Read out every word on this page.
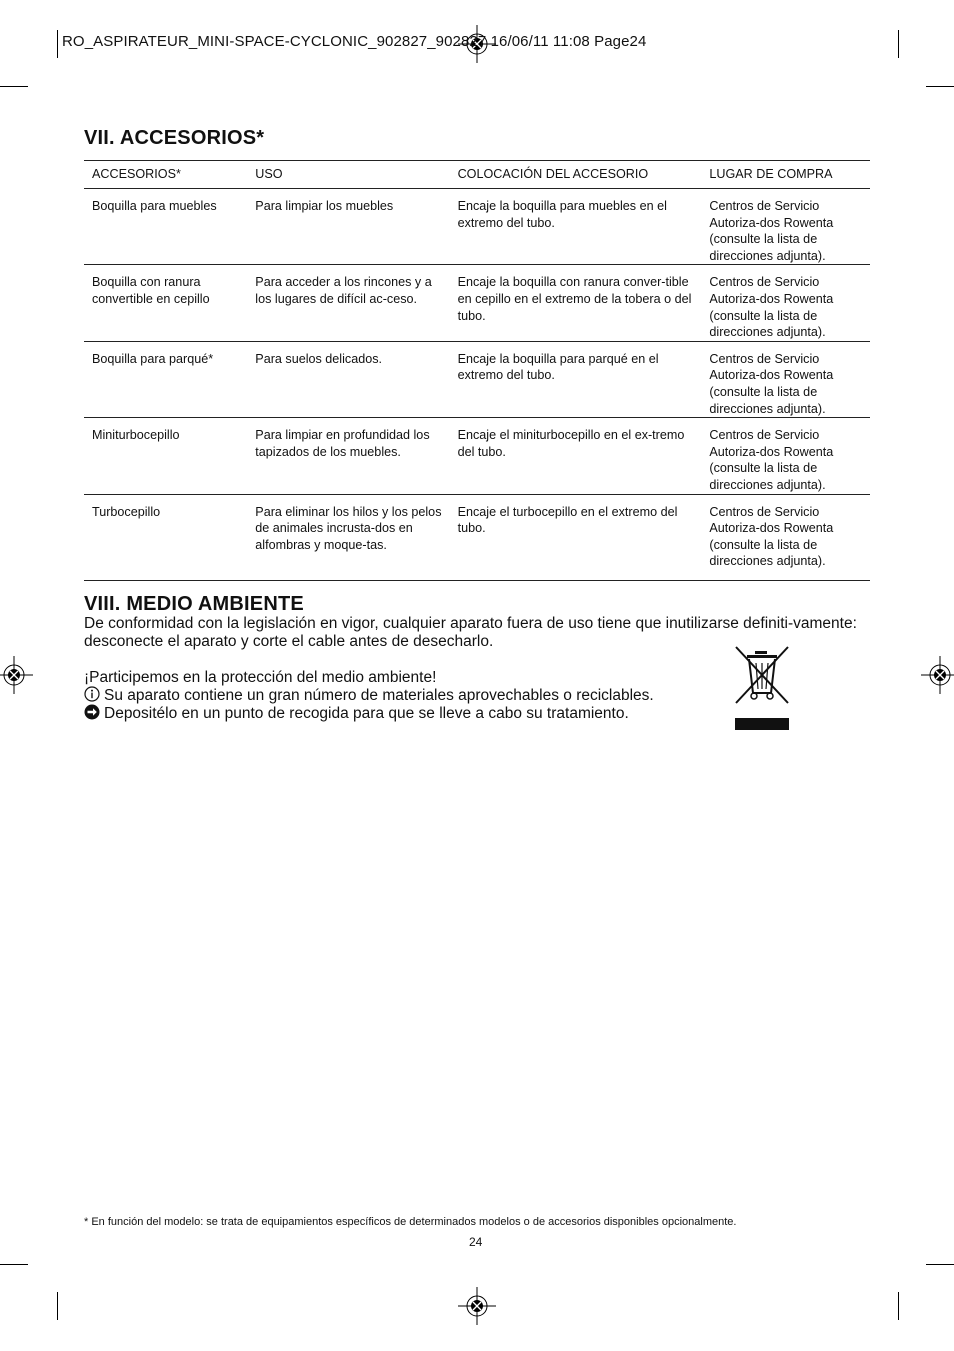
RO_ASPIRATEUR_MINI-SPACE-CYCLONIC_902827_902827 16/06/11 11:08 Page24
VII. ACCESORIOS*
ACCESORIOS*	USO	COLOCACIÓN DEL ACCESORIO	LUGAR DE COMPRA
Boquilla para muebles	Para limpiar los muebles	Encaje la boquilla para muebles en el extremo del tubo.	Centros de Servicio Autoriza-dos Rowenta (consulte la lista de direcciones adjunta).
Boquilla con ranura convertible en cepillo	Para acceder a los rincones y a los lugares de difícil ac-ceso.	Encaje la boquilla con ranura conver-tible en cepillo en el extremo de la tobera o del tubo.	Centros de Servicio Autoriza-dos Rowenta (consulte la lista de direcciones adjunta).
Boquilla para parqué*	Para suelos delicados.	Encaje la boquilla para parqué en el extremo del tubo.	Centros de Servicio Autoriza-dos Rowenta (consulte la lista de direcciones adjunta).
Miniturbocepillo	Para limpiar en profundidad los tapizados de los muebles.	Encaje el miniturbocepillo en el ex-tremo del tubo.	Centros de Servicio Autoriza-dos Rowenta (consulte la lista de direcciones adjunta).
Turbocepillo	Para eliminar los hilos y los pelos de animales incrusta-dos en alfombras y moque-tas.	Encaje el turbocepillo en el extremo del tubo.	Centros de Servicio Autoriza-dos Rowenta (consulte la lista de direcciones adjunta).
VIII. MEDIO AMBIENTE
De conformidad con la legislación en vigor, cualquier aparato fuera de uso tiene que inutilizarse definiti-vamente: desconecte el aparato y corte el cable antes de desecharlo.
¡Participemos en la protección del medio ambiente!
Su aparato contiene un gran número de materiales aprovechables o reciclables.
Depositélo en un punto de recogida para que se lleve a cabo su tratamiento.
* En función del modelo: se trata de equipamientos específicos de determinados modelos o de accesorios disponibles opcionalmente.
24
